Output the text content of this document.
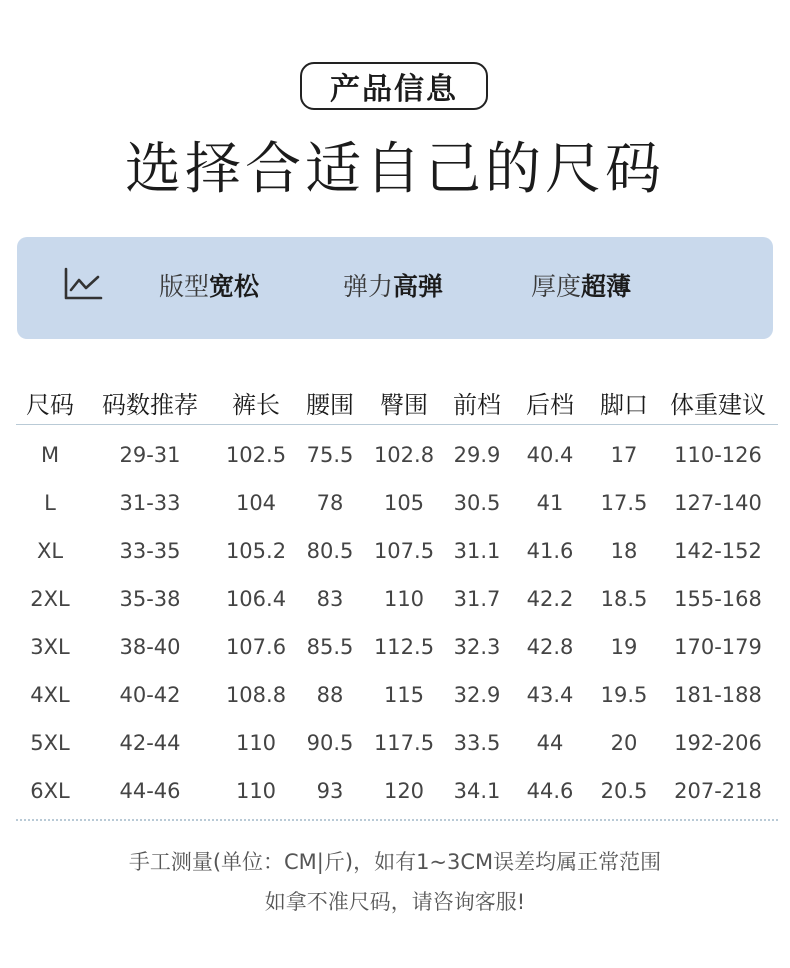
产品信息
选择合适自己的尺码
版型宽松	弹力高弹	厚度超薄
尺码	码数推荐	裤长	腰围	臀围	前档	后档	脚口 体重建议
M	29-31	102.5 75.5 102.8 29.9	40.4	17	110-126
L	31-33	104	78	105	30.5	41	17.5	127-140
XL	33-35	105.2 80.5 107.5 31.1	41.6	18	142-152
2XL	35-38	106.4	83	110	31.7	42.2	18.5	155-168
3XL	38-40	107.6 85.5 112.5 32.3	42.8	19	170-179
4XL	40-42	108.8	88	115	32.9	43.4	19.5	181-188
5XL	42-44	110	90.5 117.5 33.5	44	20	192-206
6XL	44-46	110	93	120	34.1	44.6	20.5	207-218
手工测量(单位：CM|斤)，如有1~3CM误差均属正常范围
如拿不准尺码，请咨询客服!
